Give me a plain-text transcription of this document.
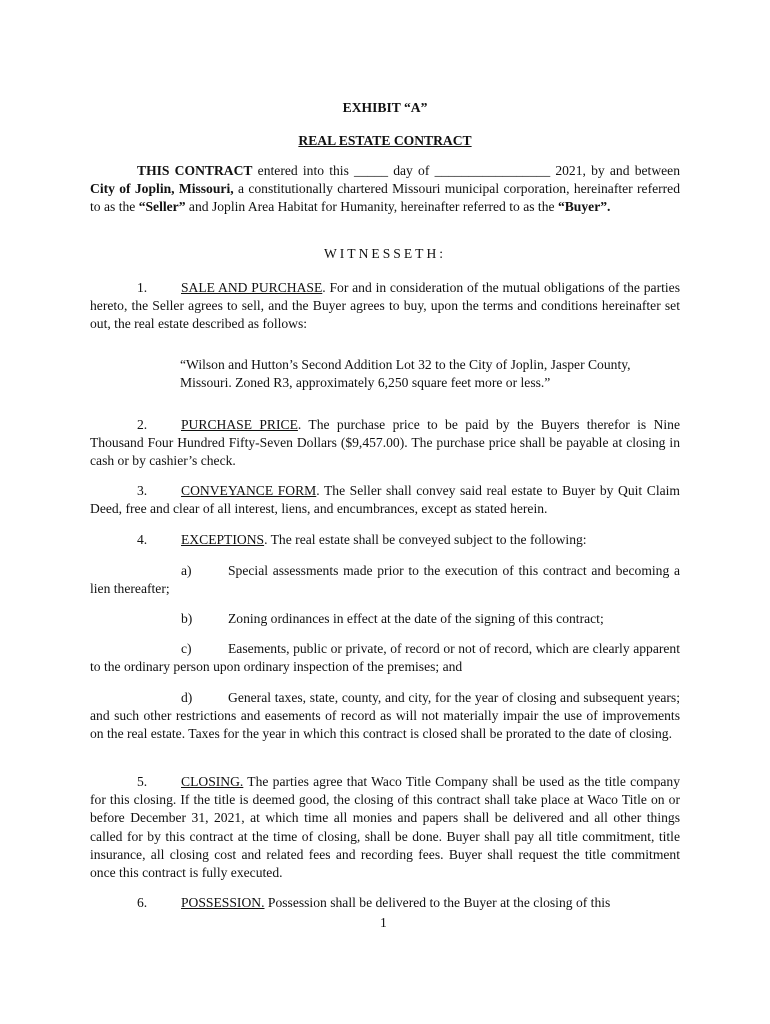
EXHIBIT “A”
REAL ESTATE CONTRACT
THIS CONTRACT entered into this _____ day of _________________ 2021, by and between City of Joplin, Missouri, a constitutionally chartered Missouri municipal corporation, hereinafter referred to as the “Seller” and Joplin Area Habitat for Humanity, hereinafter referred to as the “Buyer”.
WITNESSETH:
1. SALE AND PURCHASE. For and in consideration of the mutual obligations of the parties hereto, the Seller agrees to sell, and the Buyer agrees to buy, upon the terms and conditions hereinafter set out, the real estate described as follows:
“Wilson and Hutton’s Second Addition Lot 32 to the City of Joplin, Jasper County, Missouri. Zoned R3, approximately 6,250 square feet more or less.”
2. PURCHASE PRICE. The purchase price to be paid by the Buyers therefor is Nine Thousand Four Hundred Fifty-Seven Dollars ($9,457.00). The purchase price shall be payable at closing in cash or by cashier’s check.
3. CONVEYANCE FORM. The Seller shall convey said real estate to Buyer by Quit Claim Deed, free and clear of all interest, liens, and encumbrances, except as stated herein.
4. EXCEPTIONS. The real estate shall be conveyed subject to the following:
a)	Special assessments made prior to the execution of this contract and becoming a lien thereafter;
b)	Zoning ordinances in effect at the date of the signing of this contract;
c)	Easements, public or private, of record or not of record, which are clearly apparent to the ordinary person upon ordinary inspection of the premises; and
d)	General taxes, state, county, and city, for the year of closing and subsequent years; and such other restrictions and easements of record as will not materially impair the use of improvements on the real estate. Taxes for the year in which this contract is closed shall be prorated to the date of closing.
5. CLOSING. The parties agree that Waco Title Company shall be used as the title company for this closing. If the title is deemed good, the closing of this contract shall take place at Waco Title on or before December 31, 2021, at which time all monies and papers shall be delivered and all other things called for by this contract at the time of closing, shall be done. Buyer shall pay all title commitment, title insurance, all closing cost and related fees and recording fees. Buyer shall request the title commitment once this contract is fully executed.
6. POSSESSION. Possession shall be delivered to the Buyer at the closing of this
1
